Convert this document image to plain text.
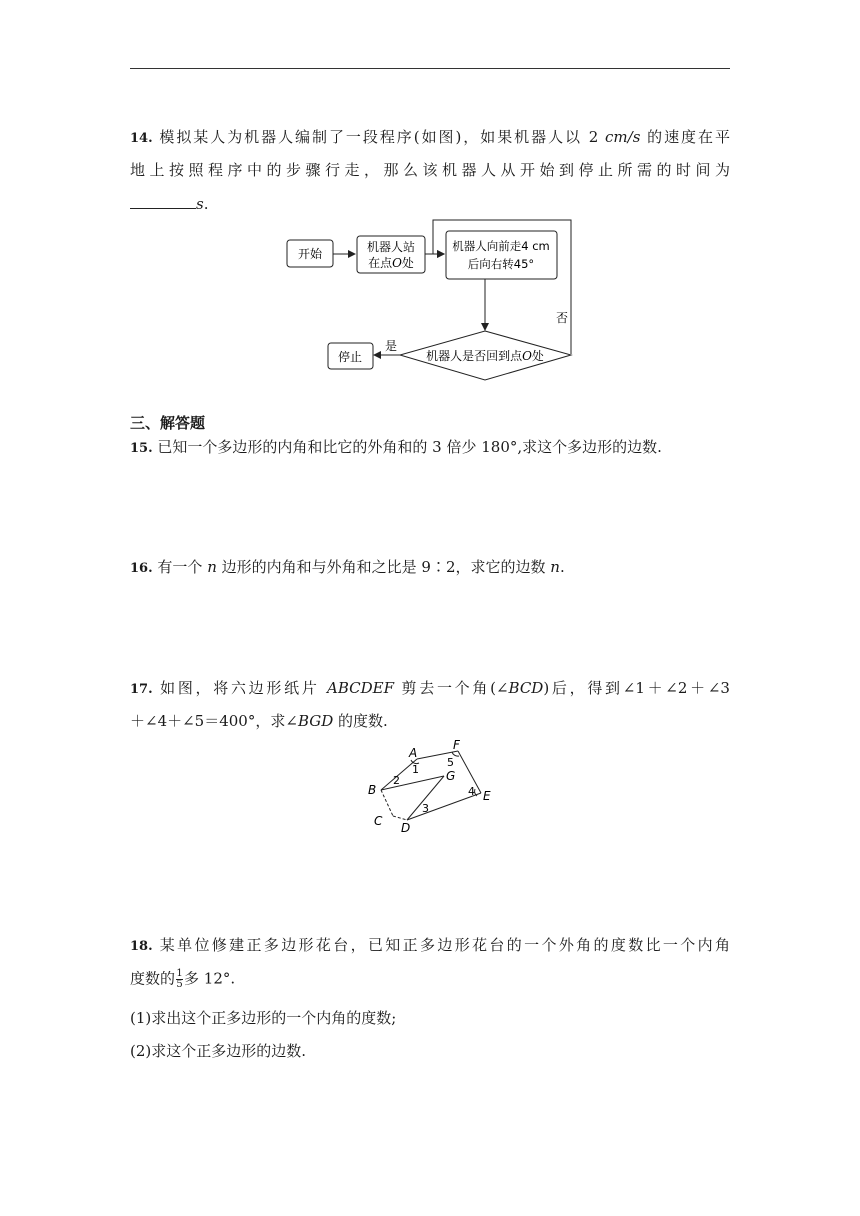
14. 模拟某人为机器人编制了一段程序(如图)，如果机器人以 2 cm/s 的速度在平
地上按照程序中的步骤行走，那么该机器人从开始到停止所需的时间为
s.
开始	机器人站
在点O处
机器人向前走4 cm
后向右转45°
否
机器人是否回到点O处
是
停止
三、解答题
15. 已知一个多边形的内角和比它的外角和的 3 倍少 180°,求这个多边形的边数.
16. 有一个 n 边形的内角和与外角和之比是 9∶2，求它的边数 n.
17. 如图，将六边形纸片 ABCDEF 剪去一个角(∠BCD)后，得到∠1＋∠2＋∠3
＋∠4＋∠5＝400°，求∠BGD 的度数.
A
F
G
B	E
C D
1
2
3
4
5
18. 某单位修建正多边形花台，已知正多边形花台的一个外角的度数比一个内角
度数的 $\frac{1}{5}$ 多 12°.
(1)求出这个正多边形的一个内角的度数;
(2)求这个正多边形的边数.
